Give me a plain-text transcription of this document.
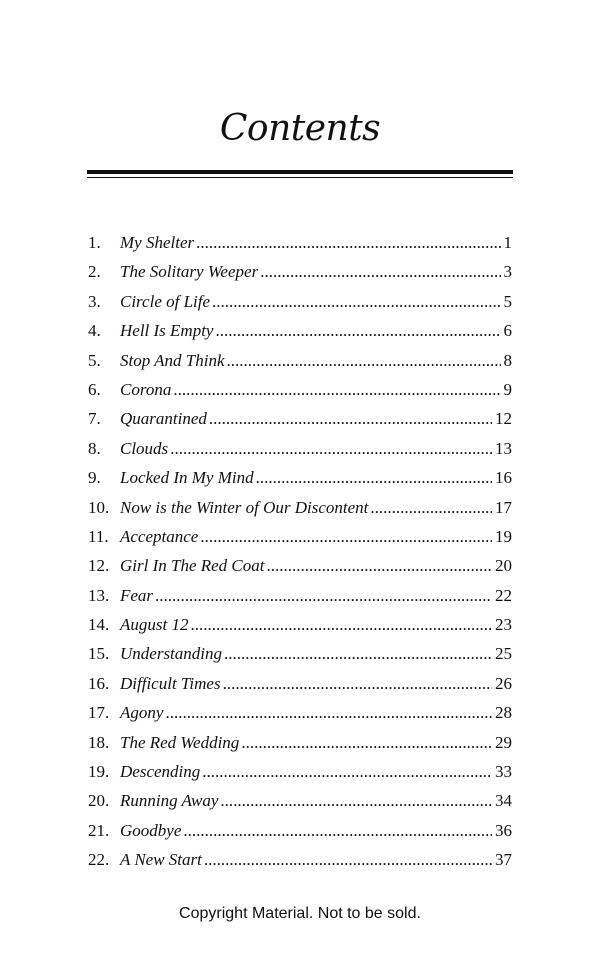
Contents
1.	My Shelter .....	1
2.	The Solitary Weeper .....	3
3.	Circle of Life .....	5
4.	Hell Is Empty .....	6
5.	Stop And Think .....	8
6.	Corona .....	9
7.	Quarantined .....	12
8.	Clouds .....	13
9.	Locked In My Mind .....	16
10. Now is the Winter of Our Discontent .....	17
11. Acceptance .....	19
12. Girl In The Red Coat .....	20
13. Fear .....	22
14. August 12 .....	23
15. Understanding .....	25
16. Difficult Times .....	26
17. Agony .....	28
18. The Red Wedding .....	29
19. Descending .....	33
20. Running Away .....	34
21. Goodbye .....	36
22. A New Start .....	37
Copyright Material. Not to be sold.
